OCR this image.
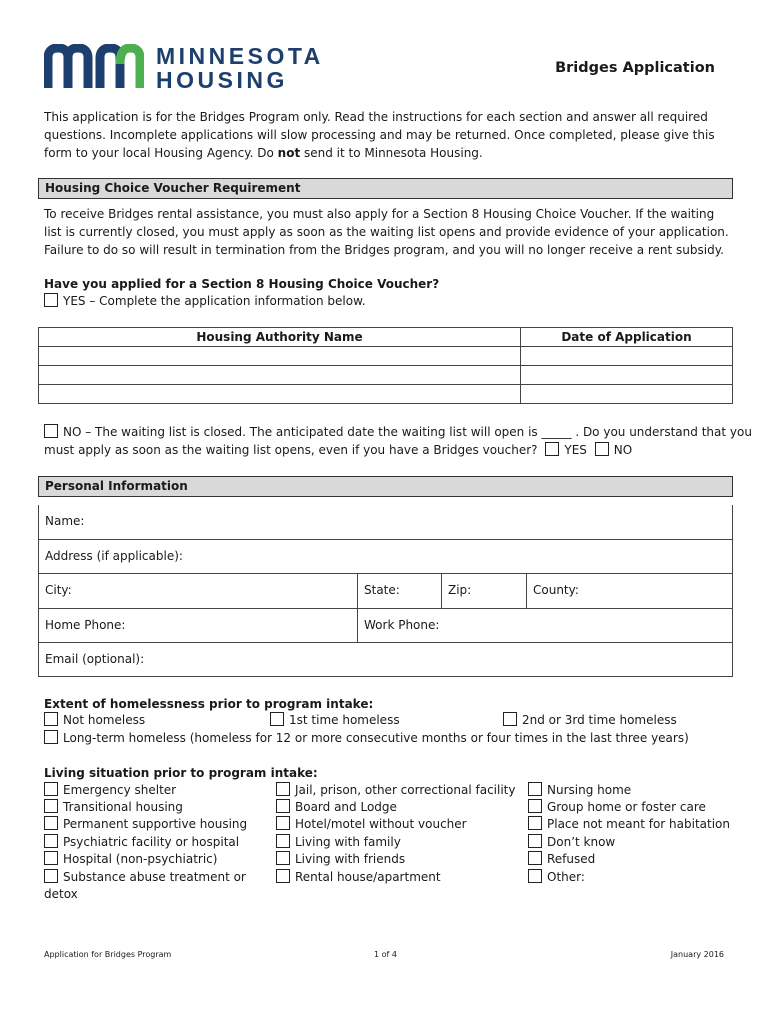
MINNESOTA
HOUSING	Bridges Application
This application is for the Bridges Program only. Read the instructions for each section and answer all required questions. Incomplete applications will slow processing and may be returned. Once completed, please give this form to your local Housing Agency. Do not send it to Minnesota Housing.
Housing Choice Voucher Requirement
To receive Bridges rental assistance, you must also apply for a Section 8 Housing Choice Voucher. If the waiting list is currently closed, you must apply as soon as the waiting list opens and provide evidence of your application. Failure to do so will result in termination from the Bridges program, and you will no longer receive a rent subsidy.
Have you applied for a Section 8 Housing Choice Voucher?
YES – Complete the application information below.
Housing Authority Name	Date of Application

NO – The waiting list is closed. The anticipated date the waiting list will open is _____ . Do you understand that you
must apply as soon as the waiting list opens, even if you have a Bridges voucher? YES NO
Personal Information
Name:
Address (if applicable):
City:	State:	Zip:	County:
Home Phone:	Work Phone:
Email (optional):
Extent of homelessness prior to program intake:
Not homeless	1st time homeless	2nd or 3rd time homeless
Long-term homeless (homeless for 12 or more consecutive months or four times in the last three years)
Living situation prior to program intake:
Emergency shelter
Transitional housing
Permanent supportive housing
Psychiatric facility or hospital
Hospital (non-psychiatric)
Substance abuse treatment or
detox
Jail, prison, other correctional facility
Board and Lodge
Hotel/motel without voucher
Living with family
Living with friends
Rental house/apartment
Nursing home
Group home or foster care
Place not meant for habitation
Don’t know
Refused
Other:
Application for Bridges Program	1 of 4	January 2016
